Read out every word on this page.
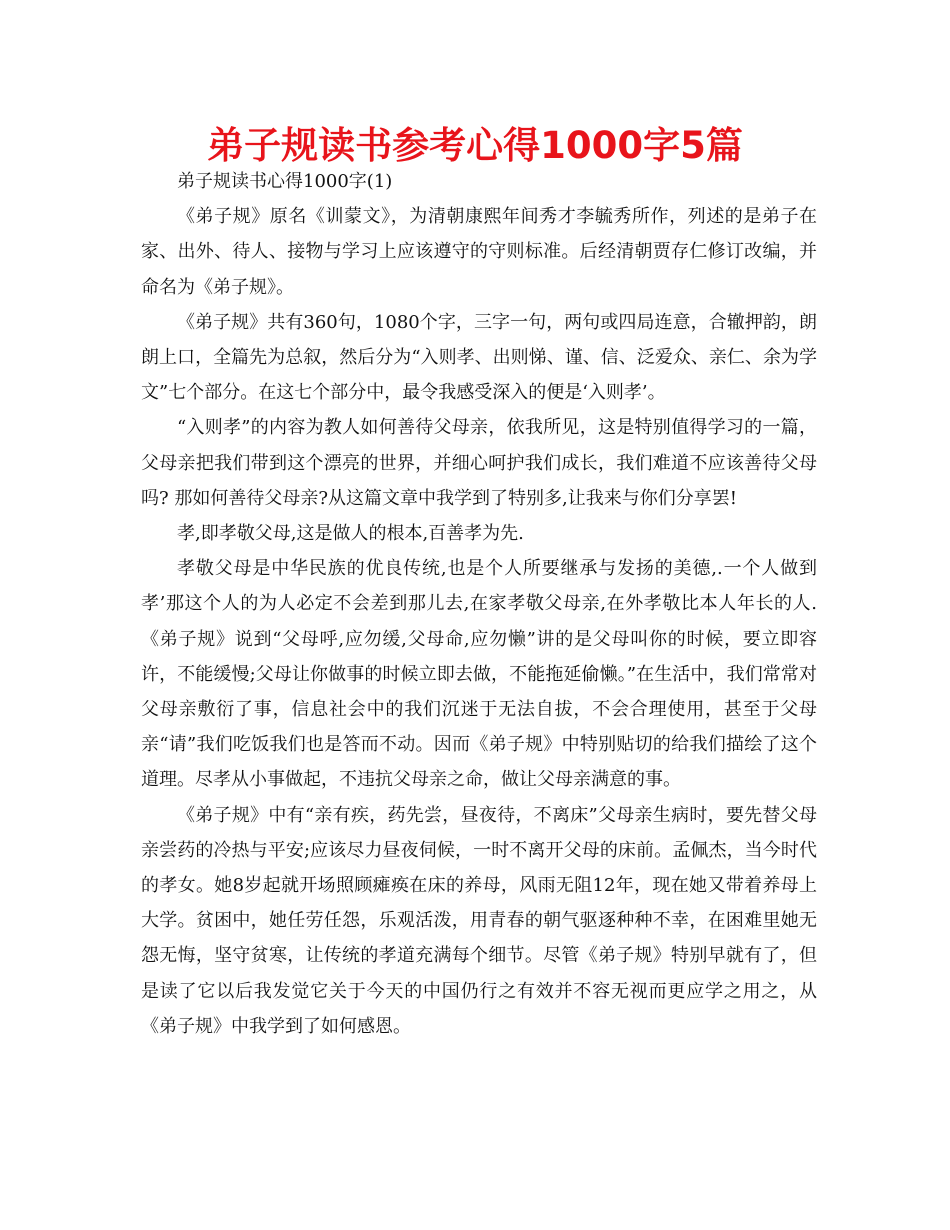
弟子规读书参考心得1000字5篇

弟子规读书心得1000字(1)

《弟子规》原名《训蒙文》，为清朝康熙年间秀才李毓秀所作，列述的是弟子在家、出外、待人、接物与学习上应该遵守的守则标准。后经清朝贾存仁修订改编，并命名为《弟子规》。

《弟子规》共有360句，1080个字，三字一句，两句或四局连意，合辙押韵，朗朗上口，全篇先为总叙，然后分为“入则孝、出则悌、谨、信、泛爱众、亲仁、余为学文”七个部分。在这七个部分中，最令我感受深入的便是‘入则孝’。

“入则孝”的内容为教人如何善待父母亲，依我所见，这是特别值得学习的一篇，父母亲把我们带到这个漂亮的世界，并细心呵护我们成长，我们难道不应该善待父母吗? 那如何善待父母亲?从这篇文章中我学到了特别多,让我来与你们分享罢!

孝,即孝敬父母,这是做人的根本,百善孝为先.

孝敬父母是中华民族的优良传统,也是个人所要继承与发扬的美德,.一个人做到孝’那这个人的为人必定不会差到那儿去,在家孝敬父母亲,在外孝敬比本人年长的人. 《弟子规》说到“父母呼,应勿缓,父母命,应勿懒”讲的是父母叫你的时候，要立即容许，不能缓慢;父母让你做事的时候立即去做，不能拖延偷懒。”在生活中，我们常常对父母亲敷衍了事，信息社会中的我们沉迷于无法自拔，不会合理使用，甚至于父母亲“请”我们吃饭我们也是答而不动。因而《弟子规》中特别贴切的给我们描绘了这个道理。尽孝从小事做起，不违抗父母亲之命，做让父母亲满意的事。

《弟子规》中有“亲有疾，药先尝，昼夜待，不离床”父母亲生病时，要先替父母亲尝药的冷热与平安;应该尽力昼夜伺候，一时不离开父母的床前。孟佩杰，当今时代的孝女。她8岁起就开场照顾瘫痪在床的养母，风雨无阻12年，现在她又带着养母上大学。贫困中，她任劳任怨，乐观活泼，用青春的朝气驱逐种种不幸，在困难里她无怨无悔，坚守贫寒，让传统的孝道充满每个细节。尽管《弟子规》特别早就有了，但是读了它以后我发觉它关于今天的中国仍行之有效并不容无视而更应学之用之，从《弟子规》中我学到了如何感恩。
